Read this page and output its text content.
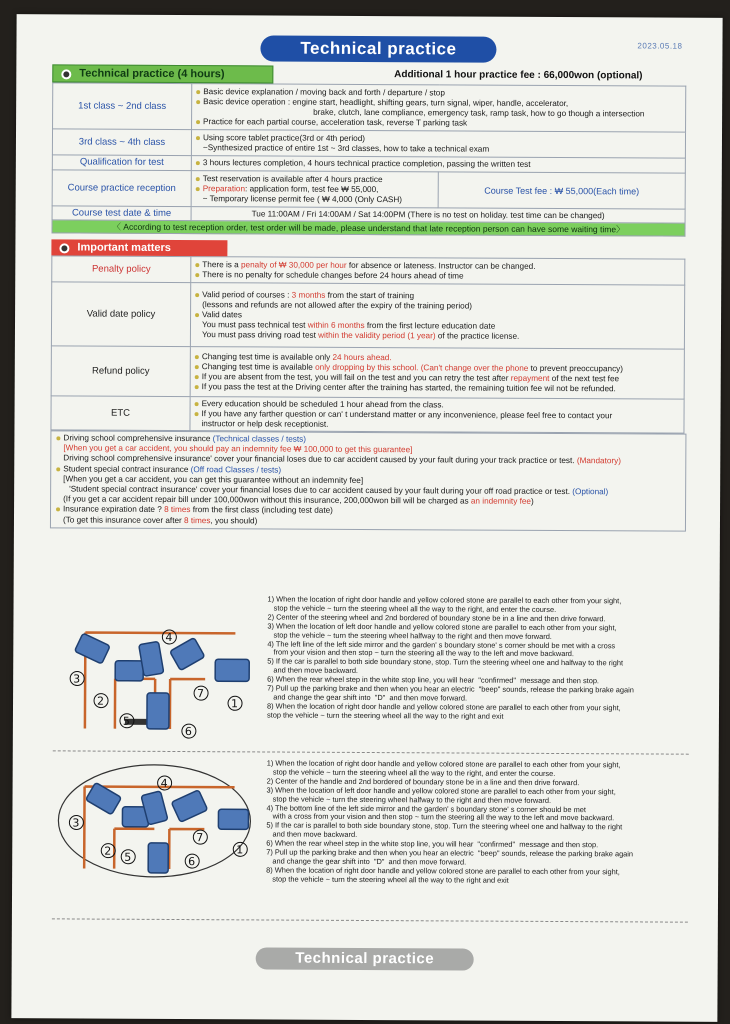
Technical practice	2023.05.18
Technical practice (4 hours)	Additional 1 hour practice fee : 66,000won (optional)
1st class ~ 2nd class	Basic device explanation / moving back and forth / departure / stop
Basic device operation : engine start, headlight, shifting gears, turn signal, wiper, handle, accelerator,
brake, clutch, lane compliance, emergency task, ramp task, how to go though a intersection
Practice for each partial course, acceleration task, reverse T parking task	

3rd class ~ 4th class	Using score tablet practice(3rd or 4th period)
~Synthesized practice of entire 1st ~ 3rd classes, how to take a technical exam	

Qualification for test	3 hours lectures completion, 4 hours technical practice completion, passing the written test	

Course practice reception	Test reservation is available after 4 hours practice
Preparation: application form, test fee ₩ 55,000,
~ Temporary license permit fee ( ₩ 4,000 (Only CASH)	Course Test fee : ₩ 55,000(Each time)
Course test date & time	Tue 11:00AM / Fri 14:00AM / Sat 14:00PM (There is no test on holiday. test time can be changed)	
〈 According to test reception order, test order will be made, please understand that late reception person can have some waiting time〉		
Important matters
Penalty policy	There is a penalty of ₩ 30,000 per hour for absence or lateness. Instructor can be changed.
There is no penalty for schedule changes before 24 hours ahead of time

Valid date policy	Valid period of courses : 3 months from the start of training
(lessons and refunds are not allowed after the expiry of the training period)
Valid dates
You must pass technical test within 6 months from the first lecture education date
You must pass driving road test within the validity period (1 year) of the practice license.

Refund policy	Changing test time is available only 24 hours ahead.
Changing test time is available only dropping by this school. (Can't change over the phone to prevent preoccupancy)
If you are absent from the test, you will fail on the test and you can retry the test after repayment of the next test fee
If you pass the test at the Driving center after the training has started, the remaining tuition fee wil not be refunded.

ETC	Every education should be scheduled 1 hour ahead from the class.
If you have any farther question or can' t understand matter or any inconvenience, please feel free to contact your
instructor or help desk receptionist.
Driving school comprehensive insurance (Technical classes / tests)
[When you get a car accident, you should pay an indemnity fee ₩ 100,000 to get this guarantee]
Driving school comprehensive insurance' cover your financial loses due to car accident caused by your fault during your track practice or test. (Mandatory)
Student special contract insurance (Off road Classes / tests)
[When you get a car accident, you can get this guarantee without an indemnity fee]
'Student special contract insurance' cover your financial loses due to car accident caused by your fault during your off road practice or test. (Optional)
(If you get a car accident repair bill under 100,000won without this insurance, 200,000won bill will be charged as an indemnity fee)
Insurance expiration date ? 8 times from the first class (including test date)
(To get this insurance cover after 8 times, you should)
3
2
4
5
6
7
1
1) When the location of right door handle and yellow colored stone are parallel to each other from your sight,
stop the vehicle ~ turn the steering wheel all the way to the right, and enter the course.
2) Center of the steering wheel and 2nd bordered of boundary stone be in a line and then drive forward.
3) When the location of left door handle and yellow colored stone are parallel to each other from your sight,
stop the vehicle ~ turn the steering wheel halfway to the right and then move forward.
4) The left line of the left side mirror and the garden' s boundary stone' s corner should be met with a cross
from your vision and then stop ~ turn the steering all the way to the left and move backward.
5) If the car is parallel to both side boundary stone, stop. Turn the steering wheel one and halfway to the right
and then move backward.
6) When the rear wheel step in the white stop line, you will hear  "confirmed"  message and then stop.
7) Pull up the parking brake and then when you hear an electric  "beep" sounds, release the parking brake again
and change the gear shift into  "D"  and then move forward.
8) When the location of right door handle and yellow colored stone are parallel to each other from your sight,
stop the vehicle ~ turn the steering wheel all the way to the right and exit
3
2
4
5	6
7
1
1) When the location of right door handle and yellow colored stone are parallel to each other from your sight,
stop the vehicle ~ turn the steering wheel all the way to the right, and enter the course.
2) Center of the handle and 2nd bordered of boundary stone be in a line and then drive forward.
3) When the location of left door handle and yellow colored stone are parallel to each other from your sight,
stop the vehicle ~ turn the steering wheel halfway to the right and then move forward.
4) The bottom line of the left side mirror and the garden' s boundary stone' s corner should be met
with a cross from your vision and then stop ~ turn the steering all the way to the left and move backward.
5) If the car is parallel to both side boundary stone, stop. Turn the steering wheel one and halfway to the right
and then move backward.
6) When the rear wheel step in the white stop line, you will hear  "confirmed"  message and then stop.
7) Pull up the parking brake and then when you hear an electric  "beep" sounds, release the parking brake again
and change the gear shift into  "D"  and then move forward.
8) When the location of right door handle and yellow colored stone are parallel to each other from your sight,
stop the vehicle ~ turn the steering wheel all the way to the right and exit
Technical practice
